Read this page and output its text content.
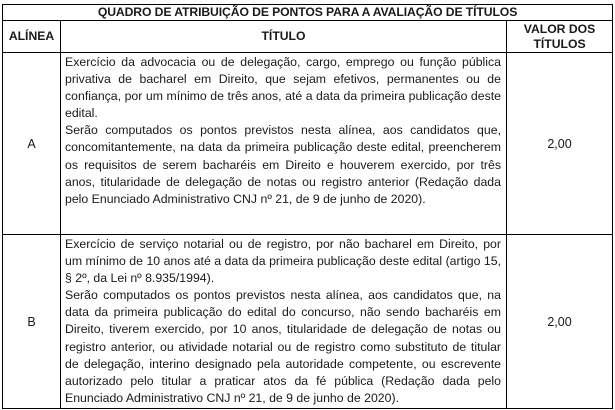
QUADRO DE ATRIBUIÇÃO DE PONTOS PARA A AVALIAÇÃO DE TÍTULOS		
ALÍNEA	TÍTULO	VALOR DOS
TÍTULOS
A	Exercício da advocacia ou de delegação, cargo, emprego ou função pública privativa de bacharel em Direito, que sejam efetivos, permanentes ou de confiança, por um mínimo de três anos, até a data da primeira publicação deste edital.

Serão computados os pontos previstos nesta alínea, aos candidatos que, concomitantemente, na data da primeira publicação deste edital, preencherem os requisitos de serem bacharéis em Direito e houverem exercido, por três anos, titularidade de delegação de notas ou registro anterior (Redação dada pelo Enunciado Administrativo CNJ nº 21, de 9 de junho de 2020).	2,00
B	Exercício de serviço notarial ou de registro, por não bacharel em Direito, por um mínimo de 10 anos até a data da primeira publicação deste edital (artigo 15, § 2º, da Lei nº 8.935/1994).

Serão computados os pontos previstos nesta alínea, aos candidatos que, na data da primeira publicação do edital do concurso, não sendo bacharéis em Direito, tiverem exercido, por 10 anos, titularidade de delegação de notas ou registro anterior, ou atividade notarial ou de registro como substituto de titular de delegação, interino designado pela autoridade competente, ou escrevente autorizado pelo titular a praticar atos da fé pública (Redação dada pelo Enunciado Administrativo CNJ nº 21, de 9 de junho de 2020).	2,00
